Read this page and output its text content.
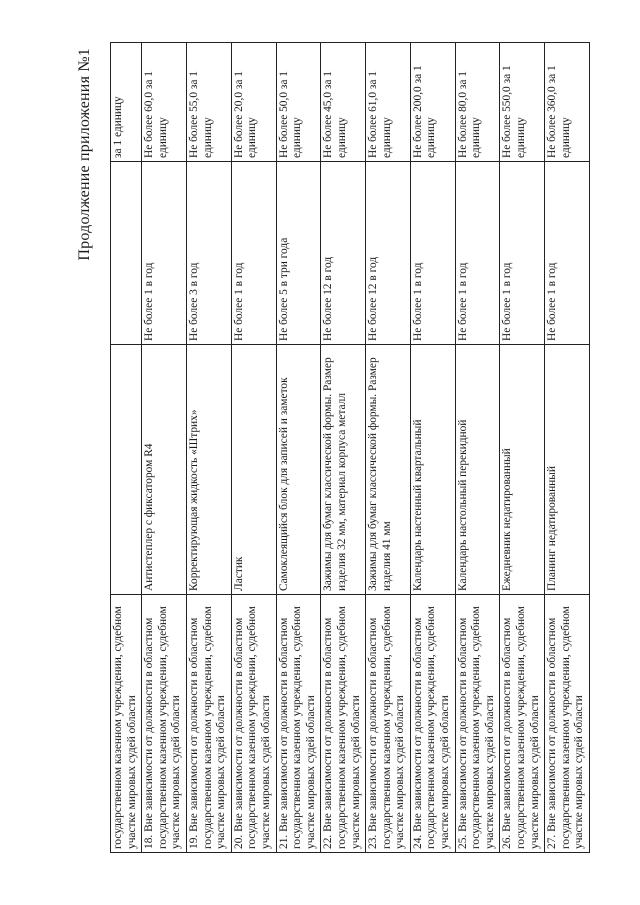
Продолжение приложения №1
государственном казенном учреждении, судебном участке мировых судей области			за 1 единицу
18. Вне зависимости от должности в областном государственном казенном учреждении, судебном участке мировых судей области	Антистеплер с фиксатором R4	Не более 1 в год	Не более 60,0 за 1 единицу
19. Вне зависимости от должности в областном государственном казенном учреждении, судебном участке мировых судей области	Корректирующая жидкость «Штрих»	Не более 3 в год	Не более 55,0 за 1 единицу
20. Вне зависимости от должности в областном государственном казенном учреждении, судебном участке мировых судей области	Ластик	Не более 1 в год	Не более 20,0 за 1 единицу
21. Вне зависимости от должности в областном государственном казенном учреждении, судебном участке мировых судей области	Самоклеящийся блок для записей и заметок	Не более 5 в три года	Не более 50,0 за 1 единицу
22. Вне зависимости от должности в областном государственном казенном учреждении, судебном участке мировых судей области	Зажимы для бумаг классической формы. Размер изделия 32 мм, материал корпуса металл	Не более 12 в год	Не более 45,0 за 1 единицу
23. Вне зависимости от должности в областном государственном казенном учреждении, судебном участке мировых судей области	Зажимы для бумаг классической формы. Размер изделия 41 мм	Не более 12 в год	Не более 61,0 за 1 единицу
24. Вне зависимости от должности в областном государственном казенном учреждении, судебном участке мировых судей области	Календарь настенный квартальный	Не более 1 в год	Не более 200,0 за 1 единицу
25. Вне зависимости от должности в областном государственном казенном учреждении, судебном участке мировых судей области	Календарь настольный перекидной	Не более 1 в год	Не более 80,0 за 1 единицу
26. Вне зависимости от должности в областном государственном казенном учреждении, судебном участке мировых судей области	Ежедневник недатированный	Не более 1 в год	Не более 550,0 за 1 единицу
27. Вне зависимости от должности в областном государственном казенном учреждении, судебном участке мировых судей области	Планинг недатированный	Не более 1 в год	Не более 360,0 за 1 единицу
